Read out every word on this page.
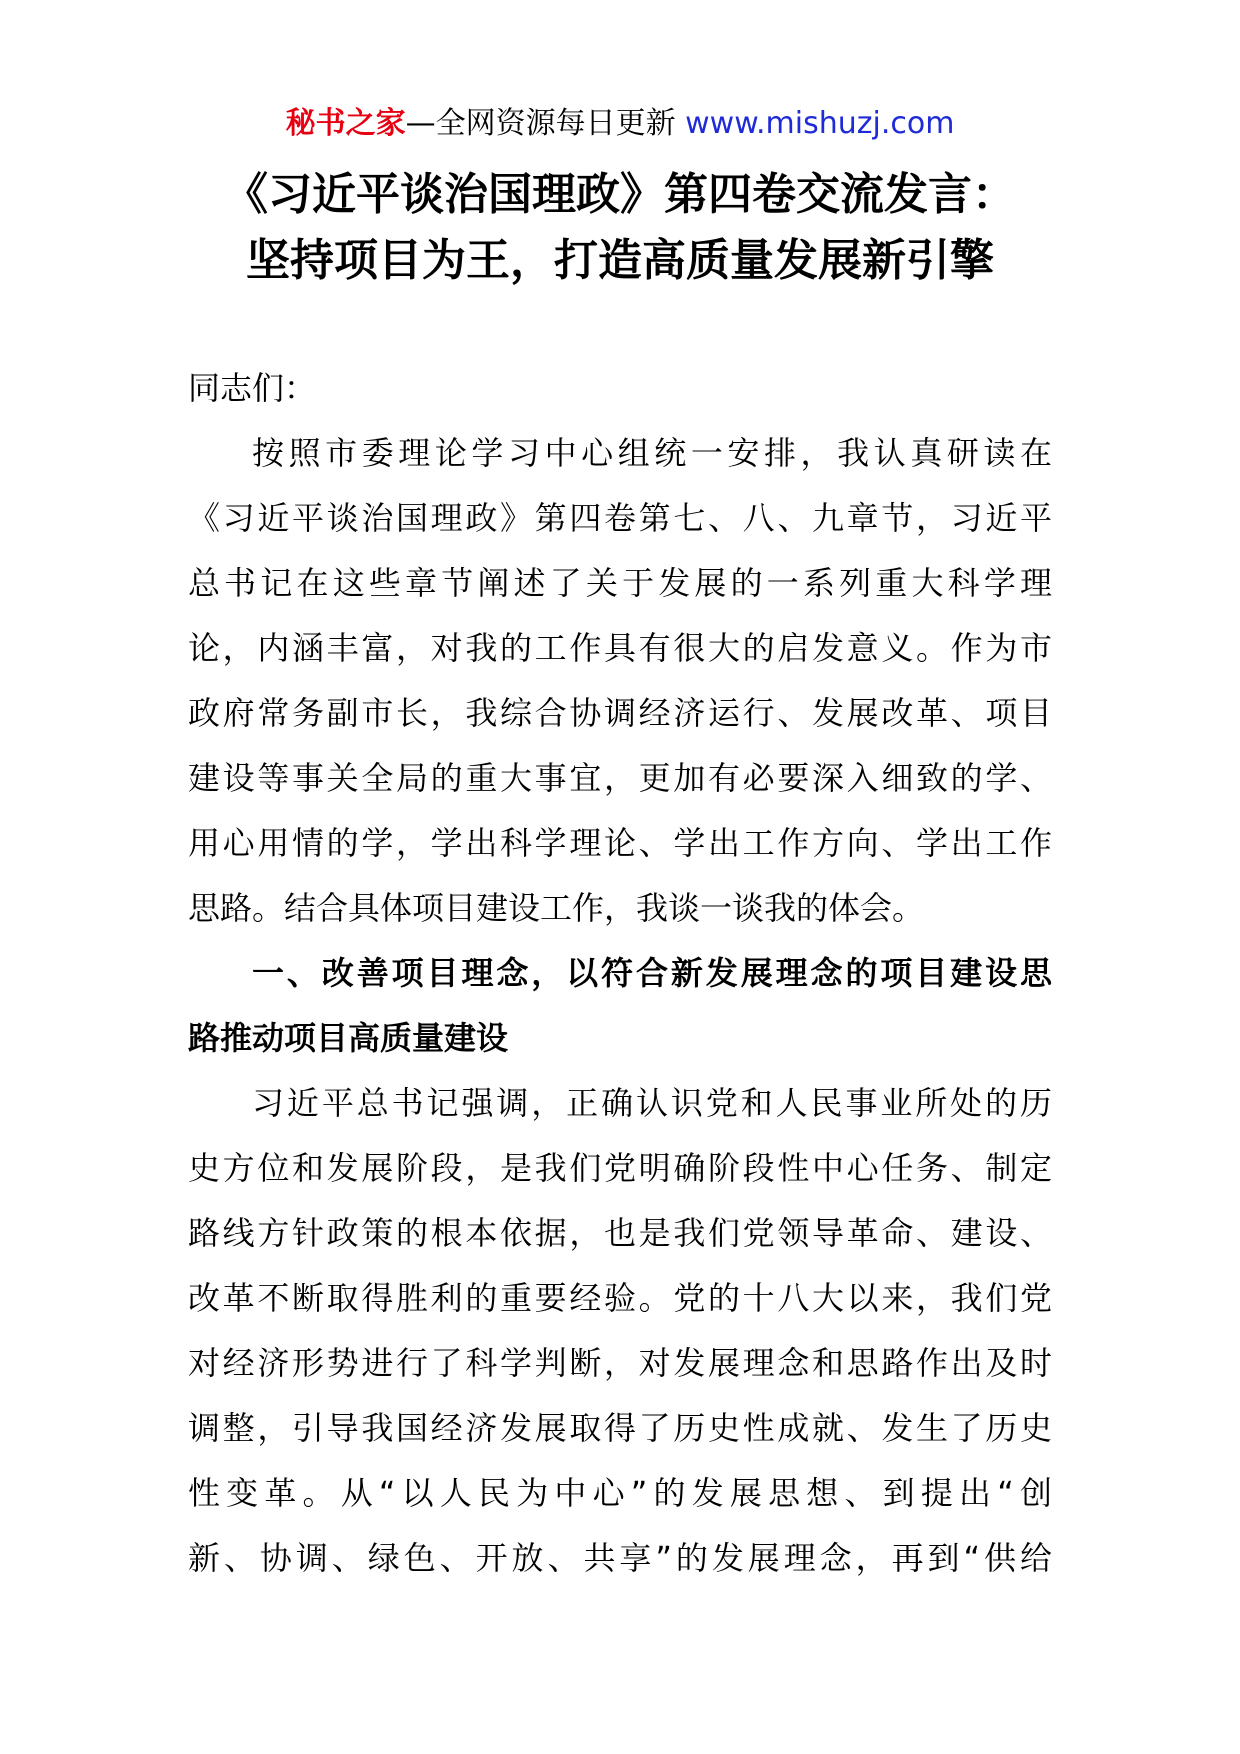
秘书之家—全网资源每日更新 www.mishuzj.com
《习近平谈治国理政》第四卷交流发言：
坚持项目为王，打造高质量发展新引擎
同志们：
按照市委理论学习中心组统一安排，我认真研读在
《习近平谈治国理政》第四卷第七、八、九章节，习近平
总书记在这些章节阐述了关于发展的一系列重大科学理
论，内涵丰富，对我的工作具有很大的启发意义。作为市
政府常务副市长，我综合协调经济运行、发展改革、项目
建设等事关全局的重大事宜，更加有必要深入细致的学、
用心用情的学，学出科学理论、学出工作方向、学出工作
思路。结合具体项目建设工作，我谈一谈我的体会。
一、改善项目理念，以符合新发展理念的项目建设思
路推动项目高质量建设
习近平总书记强调，正确认识党和人民事业所处的历
史方位和发展阶段，是我们党明确阶段性中心任务、制定
路线方针政策的根本依据，也是我们党领导革命、建设、
改革不断取得胜利的重要经验。党的十八大以来，我们党
对经济形势进行了科学判断，对发展理念和思路作出及时
调整，引导我国经济发展取得了历史性成就、发生了历史
性变革。从“以人民为中心”的发展思想、到提出“创
新、协调、绿色、开放、共享”的发展理念，再到“供给
